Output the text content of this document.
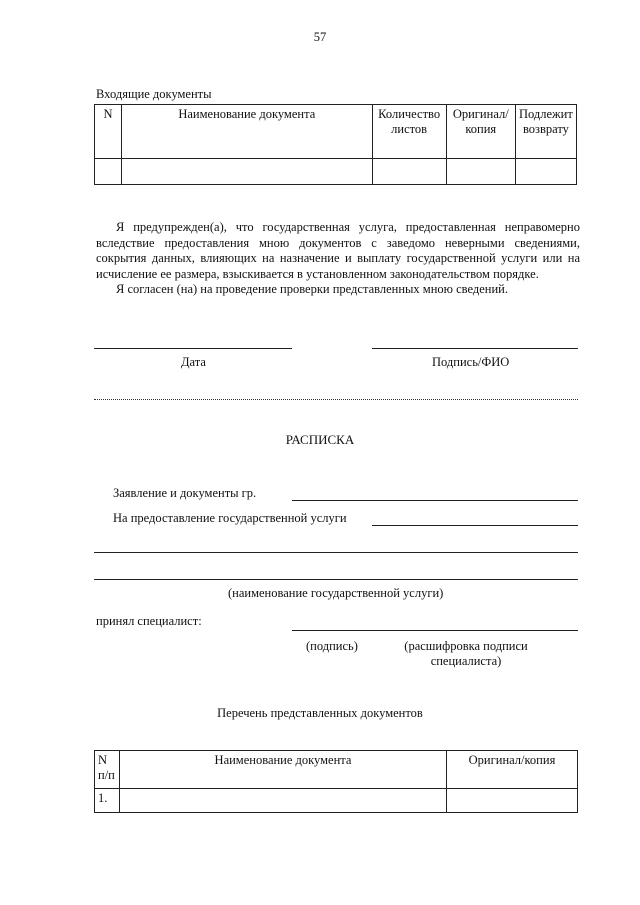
57
Входящие документы
N	Наименование документа	Количество листов	Оригинал/ копия	Подлежит возврату

Я предупрежден(а), что государственная услуга, предоставленная неправомерно вследствие предоставления мною документов с заведомо неверными сведениями, сокрытия данных, влияющих на назначение и выплату государственной услуги или на исчисление ее размера, взыскивается в установленном законодательством порядке.
Я согласен (на) на проведение проверки представленных мною сведений.
Дата	Подпись/ФИО
РАСПИСКА
Заявление и документы гр.
На предоставление государственной услуги
(наименование государственной услуги)
принял специалист:
(подпись)	(расшифровка подписи специалиста)
Перечень представленных документов
N п/п	Наименование документа	Оригинал/копия
1.		
